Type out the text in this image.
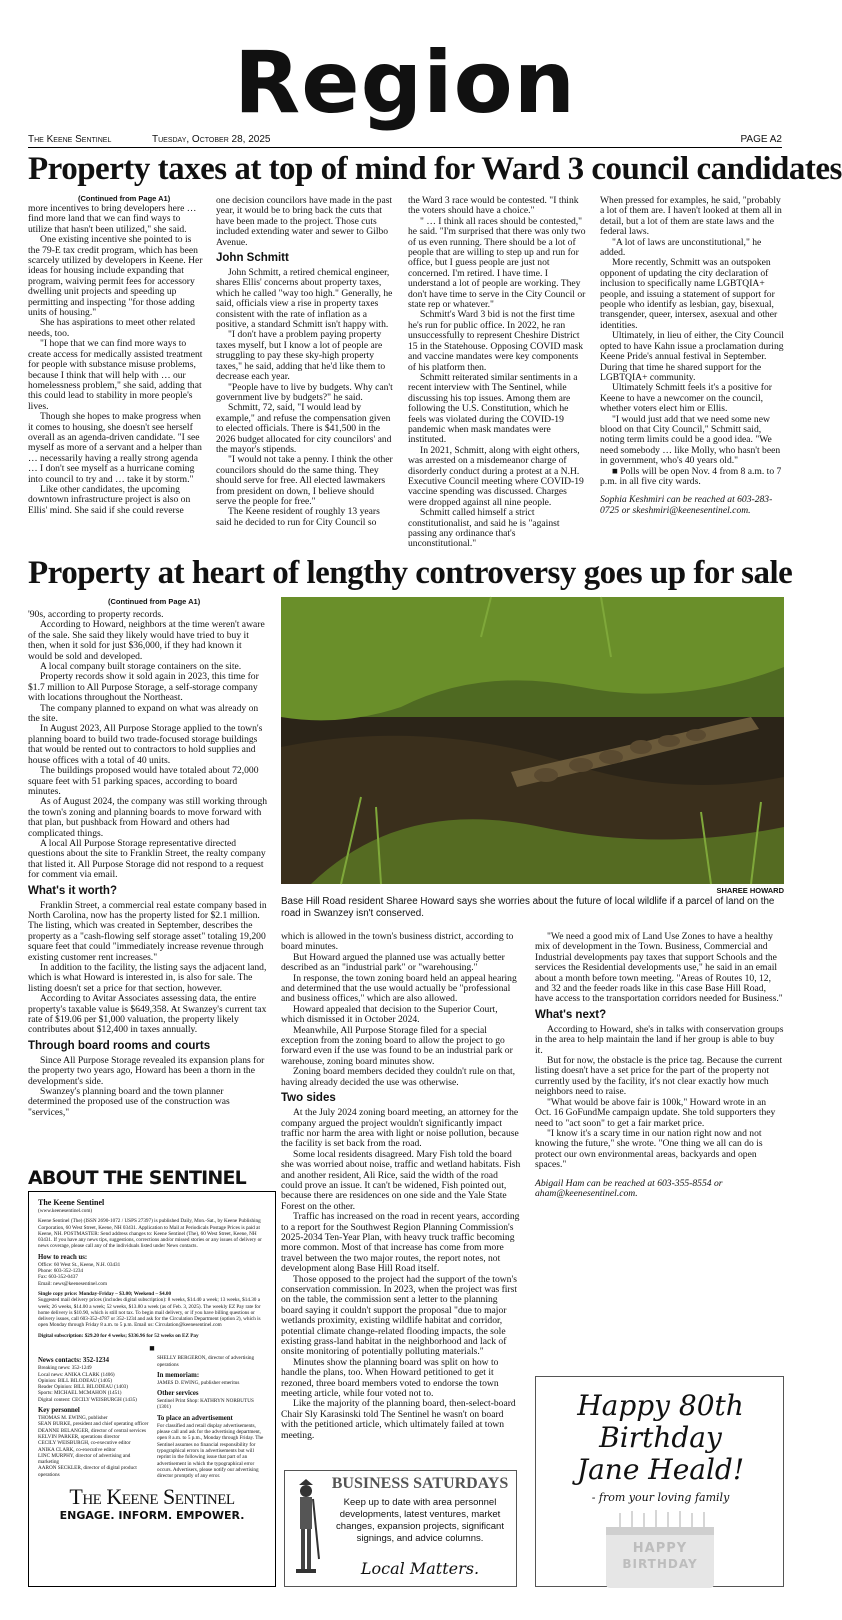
Region
The Keene Sentinel	Tuesday, October 28, 2025	PAGE A2
Property taxes at top of mind for Ward 3 council candidates
(Continued from Page A1)

more incentives to bring developers here … find more land that we can find ways to utilize that hasn't been utilized," she said.

One existing incentive she pointed to is the 79-E tax credit program, which has been scarcely utilized by developers in Keene. Her ideas for housing include expanding that program, waiving permit fees for accessory dwelling unit projects and speeding up permitting and inspecting "for those adding units of housing."

She has aspirations to meet other related needs, too.

"I hope that we can find more ways to create access for medically assisted treatment for people with substance misuse problems, because I think that will help with … our homelessness problem," she said, adding that this could lead to stability in more people's lives.

Though she hopes to make progress when it comes to housing, she doesn't see herself overall as an agenda-driven candidate. "I see myself as more of a servant and a helper than … necessarily having a really strong agenda … I don't see myself as a hurricane coming into council to try and … take it by storm."

Like other candidates, the upcoming downtown infrastructure project is also on Ellis' mind. She said if she could reverse

one decision councilors have made in the past year, it would be to bring back the cuts that have been made to the project. Those cuts included extending water and sewer to Gilbo Avenue.

John Schmitt

John Schmitt, a retired chemical engineer, shares Ellis' concerns about property taxes, which he called "way too high." Generally, he said, officials view a rise in property taxes consistent with the rate of inflation as a positive, a standard Schmitt isn't happy with.

"I don't have a problem paying property taxes myself, but I know a lot of people are struggling to pay these sky-high property taxes," he said, adding that he'd like them to decrease each year.

"People have to live by budgets. Why can't government live by budgets?" he said.

Schmitt, 72, said, "I would lead by example," and refuse the compensation given to elected officials. There is $41,500 in the 2026 budget allocated for city councilors' and the mayor's stipends.

"I would not take a penny. I think the other councilors should do the same thing. They should serve for free. All elected lawmakers from president on down, I believe should serve the people for free."

The Keene resident of roughly 13 years said he decided to run for City Council so

the Ward 3 race would be contested. "I think the voters should have a choice."

" … I think all races should be contested," he said. "I'm surprised that there was only two of us even running. There should be a lot of people that are willing to step up and run for office, but I guess people are just not concerned. I'm retired. I have time. I understand a lot of people are working. They don't have time to serve in the City Council or state rep or whatever."

Schmitt's Ward 3 bid is not the first time he's run for public office. In 2022, he ran unsuccessfully to represent Cheshire District 15 in the Statehouse. Opposing COVID mask and vaccine mandates were key components of his platform then.

Schmitt reiterated similar sentiments in a recent interview with The Sentinel, while discussing his top issues. Among them are following the U.S. Constitution, which he feels was violated during the COVID-19 pandemic when mask mandates were instituted.

In 2021, Schmitt, along with eight others, was arrested on a misdemeanor charge of disorderly conduct during a protest at a N.H. Executive Council meeting where COVID-19 vaccine spending was discussed. Charges were dropped against all nine people.

Schmitt called himself a strict constitutionalist, and said he is "against passing any ordinance that's unconstitutional."

When pressed for examples, he said, "probably a lot of them are. I haven't looked at them all in detail, but a lot of them are state laws and the federal laws.

"A lot of laws are unconstitutional," he added.

More recently, Schmitt was an outspoken opponent of updating the city declaration of inclusion to specifically name LGBTQIA+ people, and issuing a statement of support for people who identify as lesbian, gay, bisexual, transgender, queer, intersex, asexual and other identities.

Ultimately, in lieu of either, the City Council opted to have Kahn issue a proclamation during Keene Pride's annual festival in September. During that time he shared support for the LGBTQIA+ community.

Ultimately Schmitt feels it's a positive for Keene to have a newcomer on the council, whether voters elect him or Ellis.

"I would just add that we need some new blood on that City Council," Schmitt said, noting term limits could be a good idea. "We need somebody … like Molly, who hasn't been in government, who's 40 years old."

■ Polls will be open Nov. 4 from 8 a.m. to 7 p.m. in all five city wards.

Sophia Keshmiri can be reached at 603-283-0725 or skeshmiri@keenesentinel.com.

Property at heart of lengthy controversy goes up for sale
(Continued from Page A1)

'90s, according to property records.

According to Howard, neighbors at the time weren't aware of the sale. She said they likely would have tried to buy it then, when it sold for just $36,000, if they had known it would be sold and developed.

A local company built storage containers on the site.

Property records show it sold again in 2023, this time for $1.7 million to All Purpose Storage, a self-storage company with locations throughout the Northeast.

The company planned to expand on what was already on the site.

In August 2023, All Purpose Storage applied to the town's planning board to build two trade-focused storage buildings that would be rented out to contractors to hold supplies and house offices with a total of 40 units.

The buildings proposed would have totaled about 72,000 square feet with 51 parking spaces, according to board minutes.

As of August 2024, the company was still working through the town's zoning and planning boards to move forward with that plan, but pushback from Howard and others had complicated things.

A local All Purpose Storage representative directed questions about the site to Franklin Street, the realty company that listed it. All Purpose Storage did not respond to a request for comment via email.

What's it worth?

Franklin Street, a commercial real estate company based in North Carolina, now has the property listed for $2.1 million. The listing, which was created in September, describes the property as a "cash-flowing self storage asset" totaling 19,200 square feet that could "immediately increase revenue through existing customer rent increases."

In addition to the facility, the listing says the adjacent land, which is what Howard is interested in, is also for sale. The listing doesn't set a price for that section, however.

According to Avitar Associates assessing data, the entire property's taxable value is $649,358. At Swanzey's current tax rate of $19.06 per $1,000 valuation, the property likely contributes about $12,400 in taxes annually.

Through board rooms and courts

Since All Purpose Storage revealed its expansion plans for the property two years ago, Howard has been a thorn in the development's side.

Swanzey's planning board and the town planner determined the proposed use of the construction was "services,"

SHAREE HOWARD
Base Hill Road resident Sharee Howard says she worries about the future of local wildlife if a parcel of land on the road in Swanzey isn't conserved.

which is allowed in the town's business district, according to board minutes.

But Howard argued the planned use was actually better described as an "industrial park" or "warehousing."

In response, the town zoning board held an appeal hearing and determined that the use would actually be "professional and business offices," which are also allowed.

Howard appealed that decision to the Superior Court, which dismissed it in October 2024.

Meanwhile, All Purpose Storage filed for a special exception from the zoning board to allow the project to go forward even if the use was found to be an industrial park or warehouse, zoning board minutes show.

Zoning board members decided they couldn't rule on that, having already decided the use was otherwise.

Two sides

At the July 2024 zoning board meeting, an attorney for the company argued the project wouldn't significantly impact traffic nor harm the area with light or noise pollution, because the facility is set back from the road.

Some local residents disagreed. Mary Fish told the board she was worried about noise, traffic and wetland habitats. Fish and another resident, Ali Rice, said the width of the road could prove an issue. It can't be widened, Fish pointed out, because there are residences on one side and the Yale State Forest on the other.

Traffic has increased on the road in recent years, according to a report for the Southwest Region Planning Commission's 2025-2034 Ten-Year Plan, with heavy truck traffic becoming more common. Most of that increase has come from more travel between the two major routes, the report notes, not development along Base Hill Road itself.

Those opposed to the project had the support of the town's conservation commission. In 2023, when the project was first on the table, the commission sent a letter to the planning board saying it couldn't support the proposal "due to major wetlands proximity, existing wildlife habitat and corridor, potential climate change-related flooding impacts, the sole existing grass-land habitat in the neighborhood and lack of onsite monitoring of potentially polluting materials."

Minutes show the planning board was split on how to handle the plans, too. When Howard petitioned to get it rezoned, three board members voted to endorse the town meeting article, while four voted not to.

Like the majority of the planning board, then-select-board Chair Sly Karasinski told The Sentinel he wasn't on board with the petitioned article, which ultimately failed at town meeting.

"We need a good mix of Land Use Zones to have a healthy mix of development in the Town. Business, Commercial and Industrial developments pay taxes that support Schools and the services the Residential developments use," he said in an email about a month before town meeting. "Areas of Routes 10, 12, and 32 and the feeder roads like in this case Base Hill Road, have access to the transportation corridors needed for Business."

What's next?

According to Howard, she's in talks with conservation groups in the area to help maintain the land if her group is able to buy it.

But for now, the obstacle is the price tag. Because the current listing doesn't have a set price for the part of the property not currently used by the facility, it's not clear exactly how much neighbors need to raise.

"What would be above fair is 100k," Howard wrote in an Oct. 16 GoFundMe campaign update. She told supporters they need to "act soon" to get a fair market price.

"I know it's a scary time in our nation right now and not knowing the future," she wrote. "One thing we all can do is protect our own environmental areas, backyards and open spaces."

Abigail Ham can be reached at 603-355-8554 or aham@keenesentinel.com.

ABOUT THE SENTINEL
The Keene Sentinel
(www.keenesentinel.com)
Keene Sentinel (The) (ISSN 2690-1072 / USPS 27397) is published Daily, Mon.-Sat., by Keene Publishing Corporation, 60 West Street, Keene, NH 03431. Application to Mail at Periodicals Postage Prices is paid at Keene, NH. POSTMASTER: Send address changes to: Keene Sentinel (The), 60 West Street, Keene, NH 03431. If you have any news tips, suggestions, corrections and/or missed stories or any issues of delivery or news coverage, please call any of the individuals listed under News contacts.
How to reach us:
Office: 60 West St., Keene, N.H. 03431
Phone: 603-352-1234
Fax: 603-352-0437
Email: news@keenesentinel.com
Single copy price: Monday-Friday – $3.00; Weekend – $4.00
Suggested mail delivery prices (includes digital subscription): 8 weeks, $14.40 a week; 13 weeks, $14.30 a week; 26 weeks, $14.00 a week; 52 weeks, $13.80 a week (as of Feb. 3, 2025). The weekly EZ Pay rate for home delivery is $10.90, which is still not tax. To begin mail delivery, or if you have billing questions or delivery issues, call 603-352-4787 or 352-1234 and ask for the Circulation Department (option 2), which is open Monday through Friday 8 a.m. to 5 p.m. Email us: Circulation@keenesentinel.com
Digital subscription: $29.20 for 4 weeks; $336.96 for 52 weeks on EZ Pay
■
News contacts: 352-1234
Breaking news: 352-1249
Local news: ANIKA CLARK (1406)
Opinion: BILL BILODEAU (1405)
Reader Opinion: BILL BILODEAU (1403)
Sports: MICHAEL MCMAHON (1451)
Digital content: CECILY WEISBURGH (1435)
Key personnel
THOMAS M. EWING, publisher
SEAN BURKE, president and chief operating officer
DEANNE BELANGER, director of central services
KELVIN PARKER, operations director
CECILY WEISBURGH, co-executive editor
ANIKA CLARK, co-executive editor
LINC MURPHY, director of advertising and marketing
AARON SECKLER, director of digital product operations
SHELLY BERGERON, director of advertising operations
In memoriam:
JAMES D. EWING, publisher emeritus
Other services
Sentinel Print Shop: KATHRYN NORBUTUS (1301)
To place an advertisement
For classified and retail display advertisements, please call and ask for the advertising department, open 8 a.m. to 5 p.m., Monday through Friday. The Sentinel assumes no financial responsibility for typographical errors in advertisements but will reprint in the following issue that part of an advertisement in which the typographical error occurs. Advertisers, please notify our advertising director promptly of any error.
The Keene Sentinel
ENGAGE. INFORM. EMPOWER.
BUSINESS SATURDAYS
Keep up to date with area personnel developments, latest ventures, market changes, expansion projects, significant signings, and advice columns.
Local Matters.
Happy 80th
Birthday
Jane Heald!
- from your loving family
HAPPY
BIRTHDAY
